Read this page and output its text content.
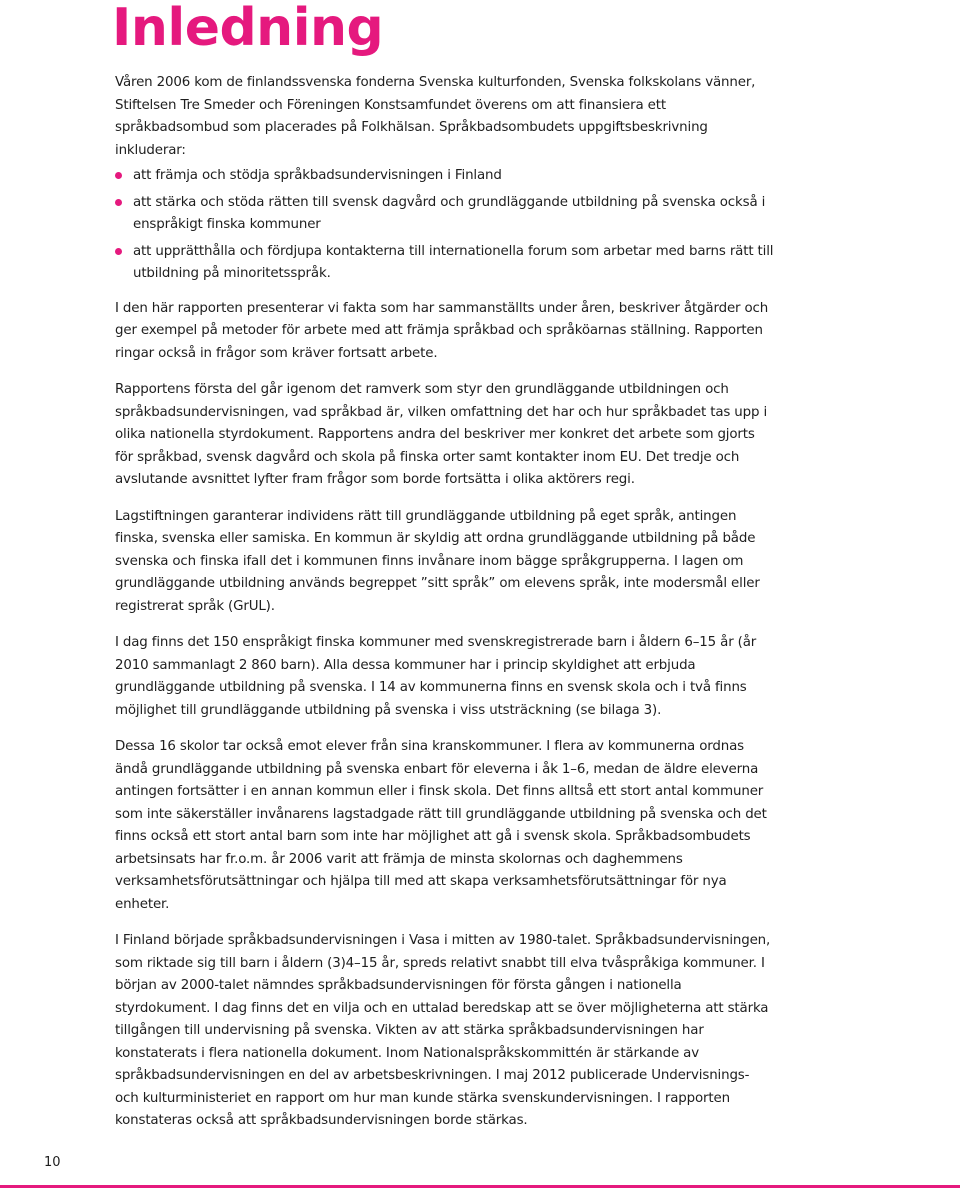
Inledning

Våren 2006 kom de finlandssvenska fonderna Svenska kulturfonden, Svenska folkskolans vänner, Stiftelsen Tre Smeder och Föreningen Konstsamfundet överens om att finansiera ett språkbadsombud som placerades på Folkhälsan. Språkbadsombudets uppgiftsbeskrivning inkluderar:

att främja och stödja språkbadsundervisningen i Finland
att stärka och stöda rätten till svensk dagvård och grundläggande utbildning på svenska också i enspråkigt finska kommuner
att upprätthålla och fördjupa kontakterna till internationella forum som arbetar med barns rätt till utbildning på minoritetsspråk.

I den här rapporten presenterar vi fakta som har sammanställts under åren, beskriver åtgärder och ger exempel på metoder för arbete med att främja språkbad och språköarnas ställning. Rapporten ringar också in frågor som kräver fortsatt arbete.

Rapportens första del går igenom det ramverk som styr den grundläggande utbildningen och språkbadsundervisningen, vad språkbad är, vilken omfattning det har och hur språkbadet tas upp i olika nationella styrdokument. Rapportens andra del beskriver mer konkret det arbete som gjorts för språkbad, svensk dagvård och skola på finska orter samt kontakter inom EU. Det tredje och avslutande avsnittet lyfter fram frågor som borde fortsätta i olika aktörers regi.

Lagstiftningen garanterar individens rätt till grundläggande utbildning på eget språk, antingen finska, svenska eller samiska. En kommun är skyldig att ordna grundläggande utbildning på både svenska och finska ifall det i kommunen finns invånare inom bägge språkgrupperna. I lagen om grundläggande utbildning används begreppet ”sitt språk” om elevens språk, inte modersmål eller registrerat språk (GrUL).

I dag finns det 150 enspråkigt finska kommuner med svenskregistrerade barn i åldern 6–15 år (år 2010 sammanlagt 2 860 barn). Alla dessa kommuner har i princip skyldighet att erbjuda grundläggande utbildning på svenska. I 14 av kommunerna finns en svensk skola och i två finns möjlighet till grundläggande utbildning på svenska i viss utsträckning (se bilaga 3).

Dessa 16 skolor tar också emot elever från sina kranskommuner. I flera av kommunerna ordnas ändå grundläggande utbildning på svenska enbart för eleverna i åk 1–6, medan de äldre eleverna antingen fortsätter i en annan kommun eller i finsk skola. Det finns alltså ett stort antal kommuner som inte säkerställer invånarens lagstadgade rätt till grundläggande utbildning på svenska och det finns också ett stort antal barn som inte har möjlighet att gå i svensk skola. Språkbadsombudets arbetsinsats har fr.o.m. år 2006 varit att främja de minsta skolornas och daghemmens verksamhetsförutsättningar och hjälpa till med att skapa verksamhetsförutsättningar för nya enheter.

I Finland började språkbadsundervisningen i Vasa i mitten av 1980-talet. Språkbadsundervisningen, som riktade sig till barn i åldern (3)4–15 år, spreds relativt snabbt till elva tvåspråkiga kommuner. I början av 2000-talet nämndes språkbadsundervisningen för första gången i nationella styrdokument. I dag finns det en vilja och en uttalad beredskap att se över möjligheterna att stärka tillgången till undervisning på svenska. Vikten av att stärka språkbadsundervisningen har konstaterats i flera nationella dokument. Inom Nationalspråkskommittén är stärkande av språkbadsundervisningen en del av arbetsbeskrivningen. I maj 2012 publicerade Undervisnings- och kulturministeriet en rapport om hur man kunde stärka svenskundervisningen. I rapporten konstateras också att språkbadsundervisningen borde stärkas.

10
